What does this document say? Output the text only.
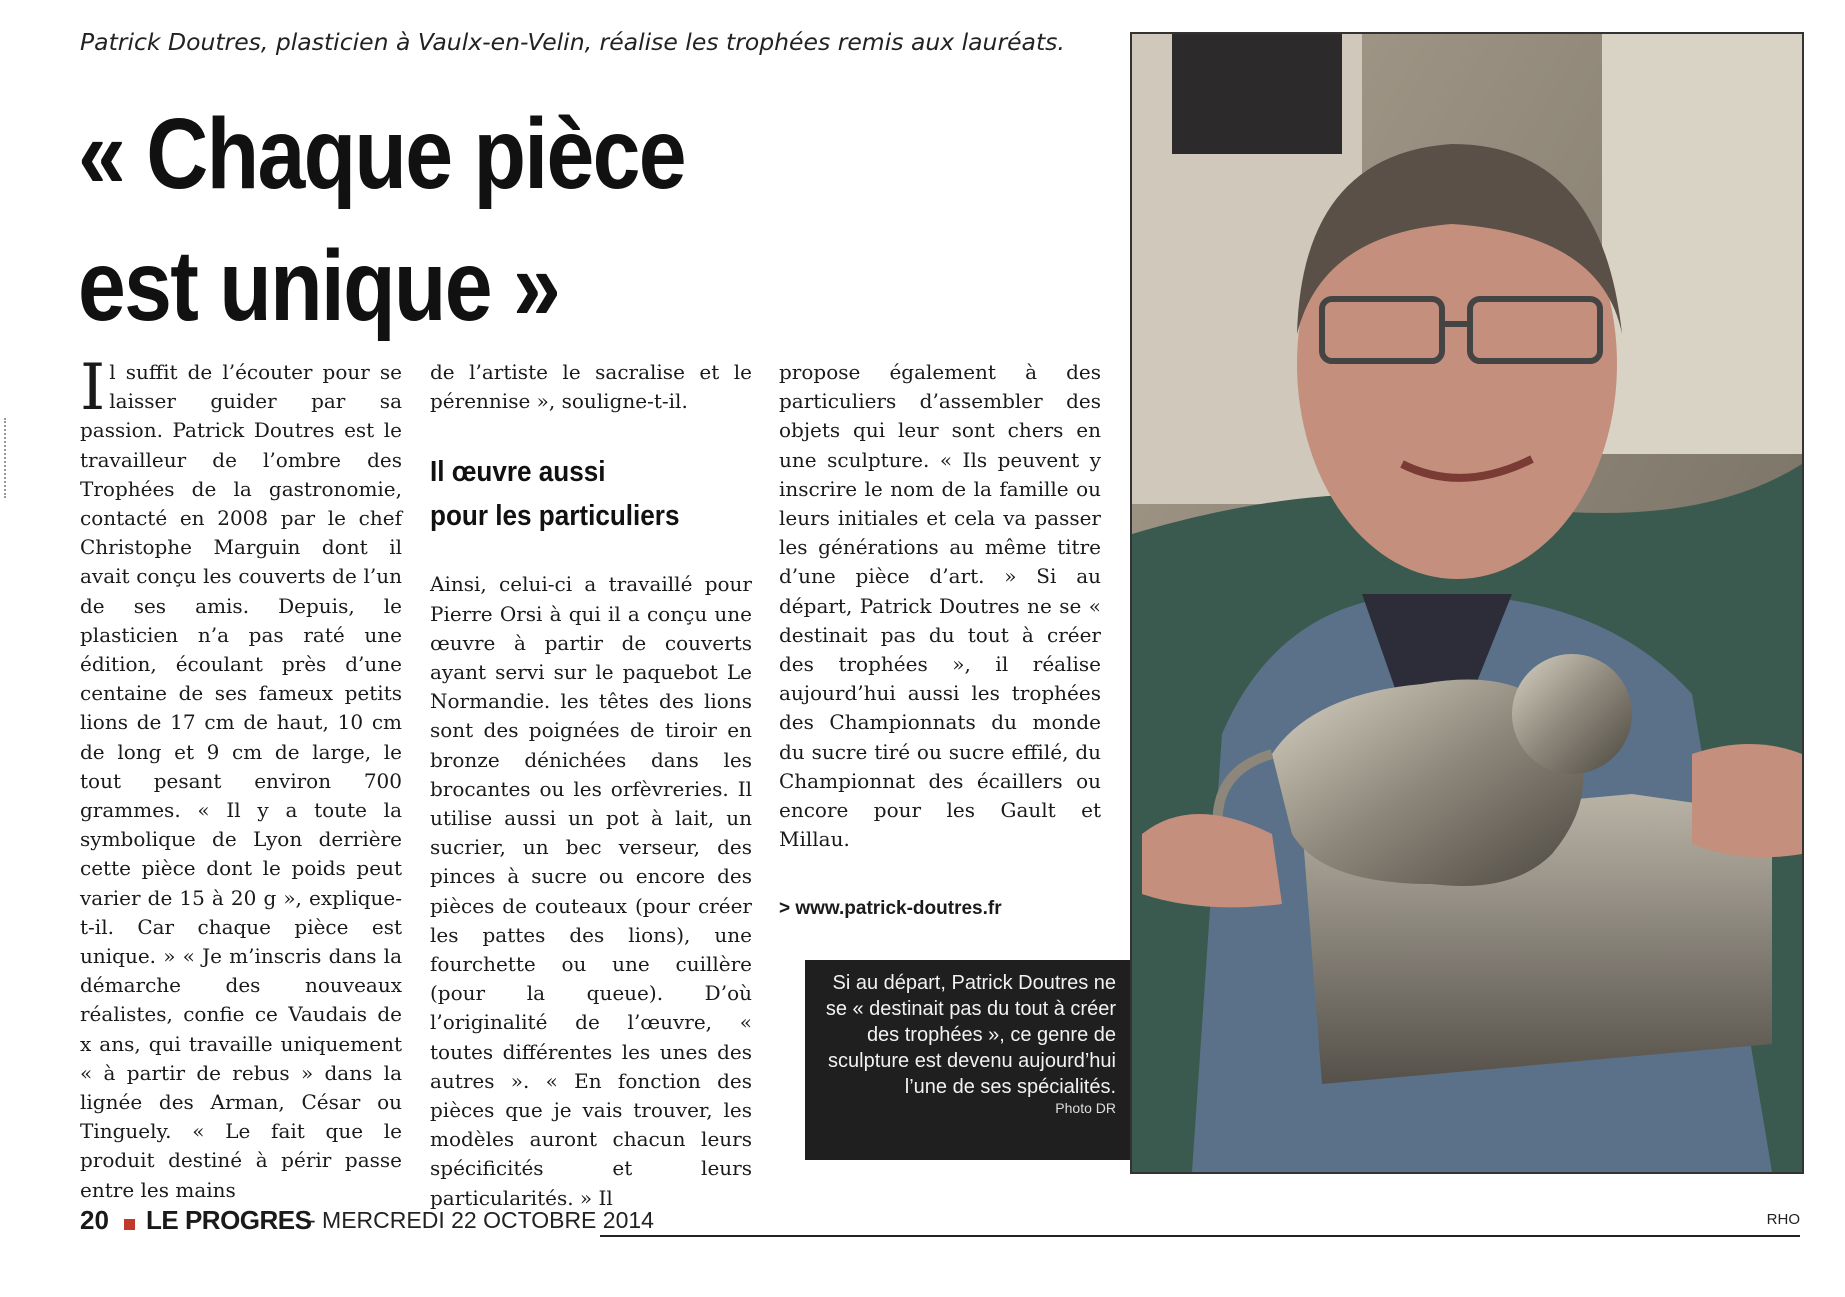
Patrick Doutres, plasticien à Vaulx-en-Velin, réalise les trophées remis aux lauréats.
« Chaque pièce
est unique »
I l suffit de l’écouter pour se laisser guider par sa passion. Patrick Doutres est le travailleur de l’ombre des Trophées de la gastronomie, contacté en 2008 par le chef Christophe Marguin dont il avait conçu les couverts de l’un de ses amis. Depuis, le plasticien n’a pas raté une édition, écoulant près d’une centaine de ses fameux petits lions de 17 cm de haut, 10 cm de long et 9 cm de large, le tout pesant environ 700 grammes. « Il y a toute la symbolique de Lyon derrière cette pièce dont le poids peut varier de 15 à 20 g », explique-t-il. Car chaque pièce est unique. » « Je m’inscris dans la démarche des nouveaux réalistes, confie ce Vaudais de x ans, qui travaille uniquement « à partir de rebus » dans la lignée des Arman, César ou Tinguely. « Le fait que le produit destiné à périr passe entre les mains

de l’artiste le sacralise et le pérennise », souligne-t-il.

Il œuvre aussi
pour les particuliers

Ainsi, celui-ci a travaillé pour Pierre Orsi à qui il a conçu une œuvre à partir de couverts ayant servi sur le paquebot Le Normandie. les têtes des lions sont des poignées de tiroir en bronze dénichées dans les brocantes ou les orfèvreries. Il utilise aussi un pot à lait, un sucrier, un bec verseur, des pinces à sucre ou encore des pièces de couteaux (pour créer les pattes des lions), une fourchette ou une cuillère (pour la queue). D’où l’originalité de l’œuvre, « toutes différentes les unes des autres ». « En fonction des pièces que je vais trouver, les modèles auront chacun leurs spécificités et leurs particularités. » Il

propose également à des particuliers d’assembler des objets qui leur sont chers en une sculpture. « Ils peuvent y inscrire le nom de la famille ou leurs initiales et cela va passer les générations au même titre d’une pièce d’art. » Si au départ, Patrick Doutres ne se « destinait pas du tout à créer des trophées », il réalise aujourd’hui aussi les trophées des Championnats du monde du sucre tiré ou sucre effilé, du Championnat des écaillers ou encore pour les Gault et Millau.

> www.patrick-doutres.fr
Si au départ, Patrick Doutres ne se « destinait pas du tout à créer des trophées », ce genre de sculpture est devenu aujourd’hui l’une de ses spécialités.
Photo DR
20 LE PROGRES
- MERCREDI 22 OCTOBRE 2014	RHO
